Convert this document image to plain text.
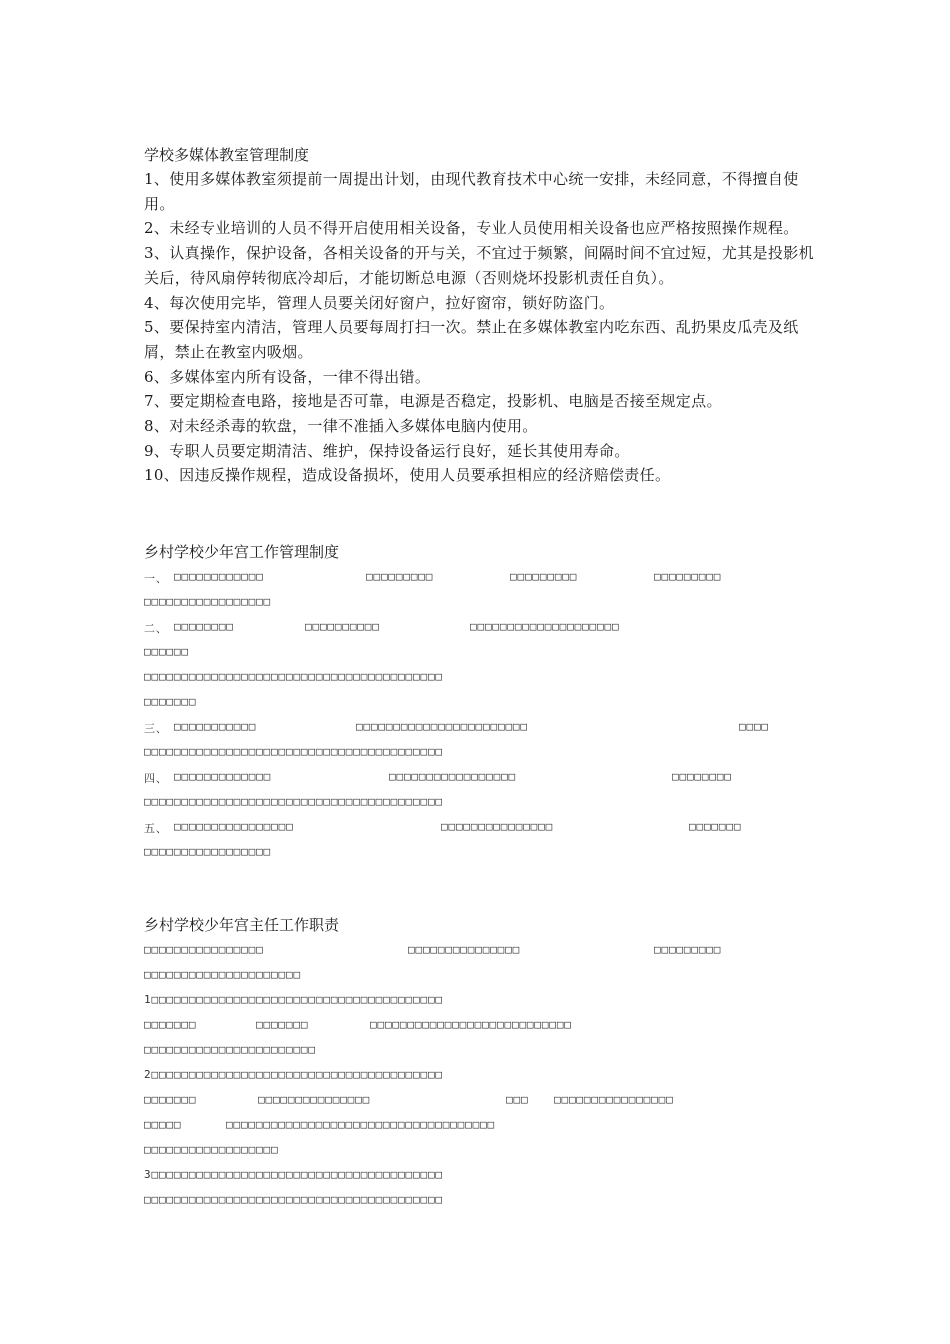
学校多媒体教室管理制度
1、使用多媒体教室须提前一周提出计划，由现代教育技术中心统一安排，未经同意，不得擅自使用。
2、未经专业培训的人员不得开启使用相关设备，专业人员使用相关设备也应严格按照操作规程。
3、认真操作，保护设备，各相关设备的开与关，不宜过于频繁，间隔时间不宜过短，尤其是投影机关后，待风扇停转彻底冷却后，才能切断总电源（否则烧坏投影机责任自负）。
4、每次使用完毕，管理人员要关闭好窗户，拉好窗帘，锁好防盗门。
5、要保持室内清洁，管理人员要每周打扫一次。禁止在多媒体教室内吃东西、乱扔果皮瓜壳及纸屑，禁止在教室内吸烟。
6、多媒体室内所有设备，一律不得出错。
7、要定期检查电路，接地是否可靠，电源是否稳定，投影机、电脑是否接至规定点。
8、对未经杀毒的软盘，一律不准插入多媒体电脑内使用。
9、专职人员要定期清洁、维护，保持设备运行良好，延长其使用寿命。
10、因违反操作规程，造成设备损坏，使用人员要承担相应的经济赔偿责任。
乡村学校少年宫工作管理制度
一、 □□□□□□□□□□□□	□□□□□□□□□	□□□□□□□□□	□□□□□□□□□
□□□□□□□□□□□□□□□□□
二、 □□□□□□□□	□□□□□□□□□□	□□□□□□□□□□□□□□□□□□□□
□□□□□□
□□□□□□□□□□□□□□□□□□□□□□□□□□□□□□□□□□□□□□□□
□□□□□□□
三、 □□□□□□□□□□□	□□□□□□□□□□□□□□□□□□□□□□□	□□□□
□□□□□□□□□□□□□□□□□□□□□□□□□□□□□□□□□□□□□□□□
四、 □□□□□□□□□□□□□	□□□□□□□□□□□□□□□□□	□□□□□□□□
□□□□□□□□□□□□□□□□□□□□□□□□□□□□□□□□□□□□□□□□
五、 □□□□□□□□□□□□□□□□	□□□□□□□□□□□□□□□	□□□□□□□
□□□□□□□□□□□□□□□□□
乡村学校少年宫主任工作职责
□□□□□□□□□□□□□□□□	□□□□□□□□□□□□□□□	□□□□□□□□□
□□□□□□□□□□□□□□□□□□□□□
1□□□□□□□□□□□□□□□□□□□□□□□□□□□□□□□□□□□□□□□
□□□□□□□	□□□□□□□	□□□□□□□□□□□□□□□□□□□□□□□□□□□
□□□□□□□□□□□□□□□□□□□□□□□
2□□□□□□□□□□□□□□□□□□□□□□□□□□□□□□□□□□□□□□□
□□□□□□□	□□□□□□□□□□□□□□□	□□□ □□□□□□□□□□□□□□□□
□□□□□	□□□□□□□□□□□□□□□□□□□□□□□□□□□□□□□□□□□□
□□□□□□□□□□□□□□□□□□
3□□□□□□□□□□□□□□□□□□□□□□□□□□□□□□□□□□□□□□□
□□□□□□□□□□□□□□□□□□□□□□□□□□□□□□□□□□□□□□□□
